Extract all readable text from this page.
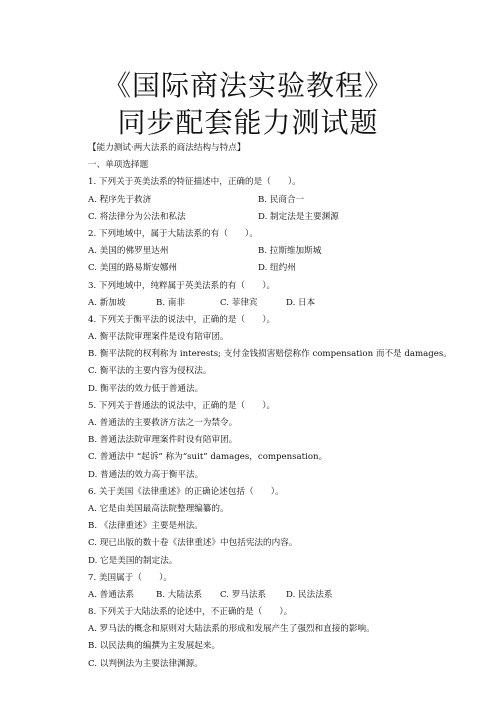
《国际商法实验教程》
同步配套能力测试题
【能力测试·两大法系的商法结构与特点】
一、单项选择题
1. 下列关于英美法系的特征描述中，正确的是（　　）。
A. 程序先于救济	B. 民商合一
C. 将法律分为公法和私法	D. 制定法是主要渊源
2. 下列地域中，属于大陆法系的有（　　）。
A. 美国的佛罗里达州	B. 拉斯维加斯城
C. 美国的路易斯安娜州	D. 纽约州
3. 下列地域中，纯粹属于英美法系的有（　　）。
A. 新加坡	B. 南非	C. 菲律宾	D. 日本
4. 下列关于衡平法的说法中，正确的是（　　）。
A. 衡平法院审理案件是设有陪审团。
B. 衡平法院的权利称为 interests; 支付金钱损害赔偿称作 compensation 而不是 damages。
C. 衡平法的主要内容为侵权法。
D. 衡平法的效力低于普通法。
5. 下列关于普通法的说法中，正确的是（　　）。
A. 普通法的主要救济方法之一为禁令。
B. 普通法法院审理案件时设有陪审团。
C. 普通法中 “起诉” 称为“suit” damages，compensation。
D. 普通法的效力高于衡平法。
6. 关于美国《法律重述》的正确论述包括（　　）。
A. 它是由美国最高法院整理编纂的。
B. 《法律重述》主要是州法。
C. 现已出版的数十卷《法律重述》中包括宪法的内容。
D. 它是美国的制定法。
7. 美国属于（　　）。
A. 普通法系	B. 大陆法系	C. 罗马法系	D. 民法法系
8. 下列关于大陆法系的论述中，不正确的是（　　）。
A. 罗马法的概念和原则对大陆法系的形成和发展产生了强烈和直接的影响。
B. 以民法典的编撰为主发展起来。
C. 以判例法为主要法律渊源。
